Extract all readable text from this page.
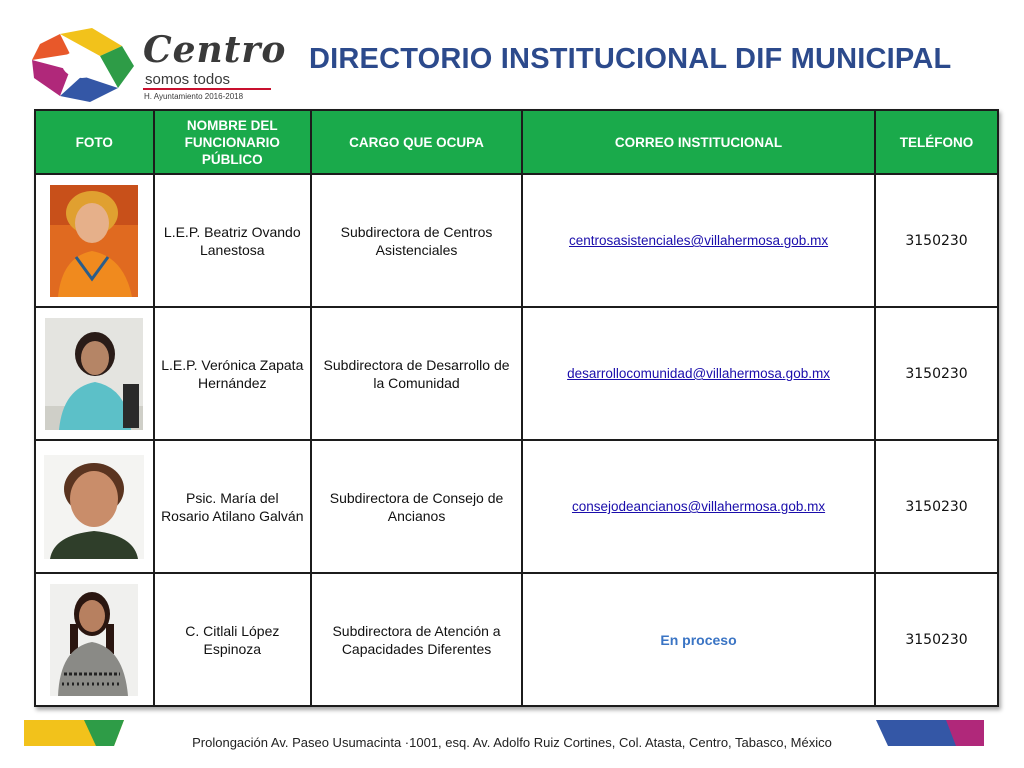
Centro
somos todos
H. Ayuntamiento 2016-2018
DIRECTORIO INSTITUCIONAL DIF MUNICIPAL
FOTO	NOMBRE DEL FUNCIONARIO PÚBLICO	CARGO QUE OCUPA	CORREO INSTITUCIONAL	TELÉFONO

	L.E.P. Beatriz Ovando Lanestosa	Subdirectora de Centros Asistenciales	centrosasistenciales@villahermosa.gob.mx	3150230

	L.E.P. Verónica Zapata Hernández	Subdirectora de Desarrollo de la Comunidad	desarrollocomunidad@villahermosa.gob.mx	3150230

	Psic. María del Rosario Atilano Galván	Subdirectora de Consejo de Ancianos	consejodeancianos@villahermosa.gob.mx	3150230

	C. Citlali López Espinoza	Subdirectora de Atención a Capacidades Diferentes	En proceso	3150230
Prolongación Av. Paseo Usumacinta ·1001, esq. Av. Adolfo Ruiz Cortines, Col. Atasta, Centro, Tabasco, México
